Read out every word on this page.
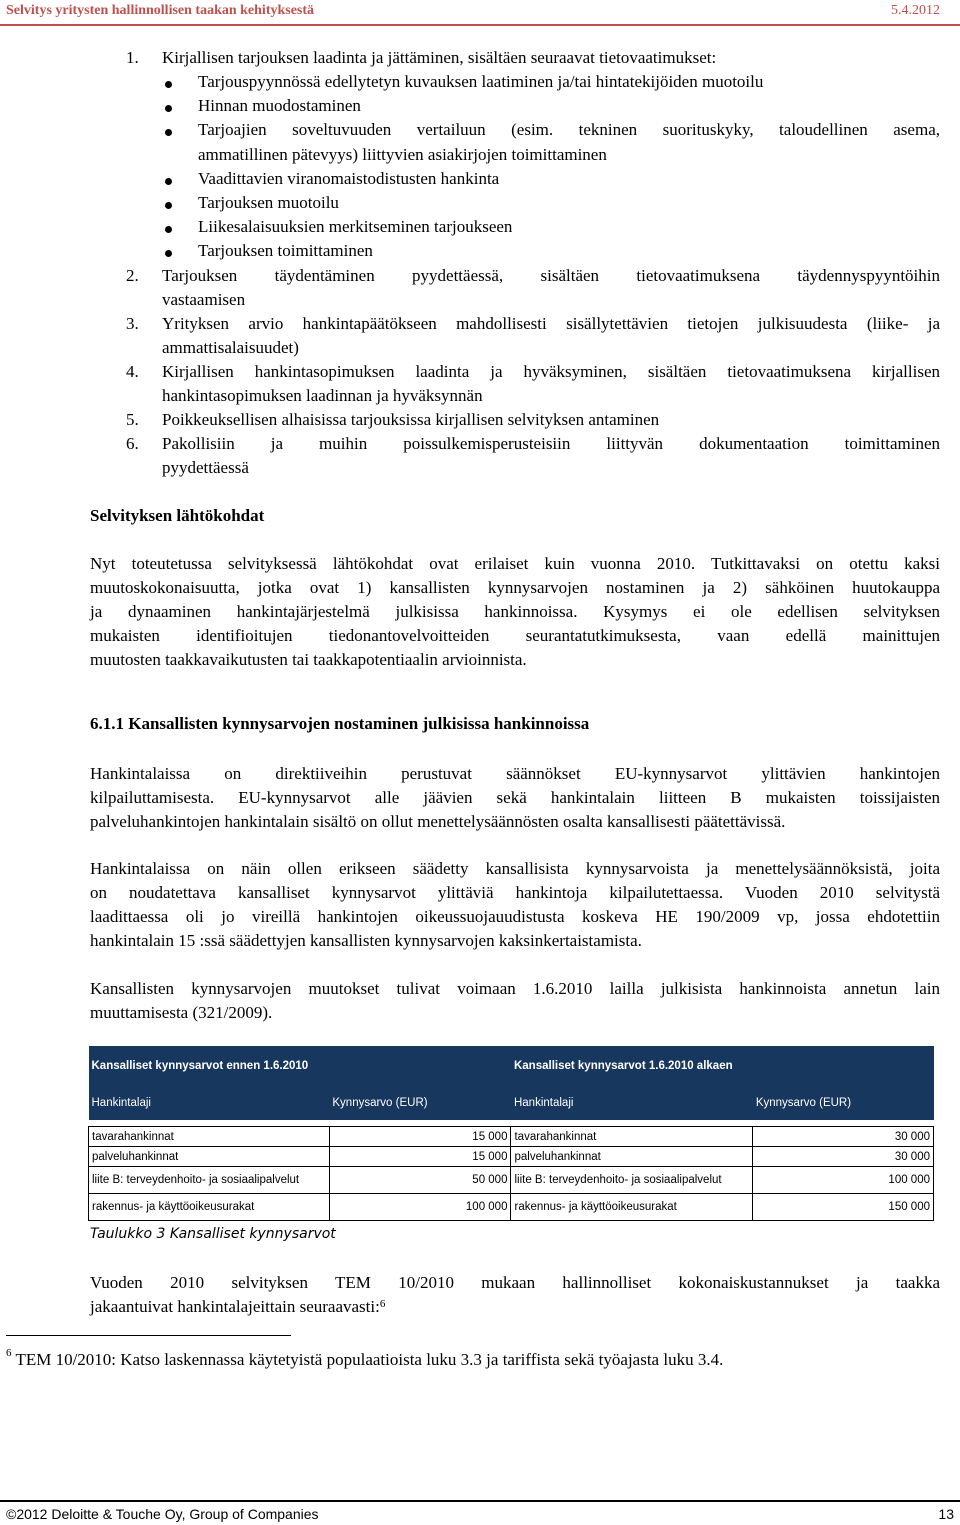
Selvitys yritysten hallinnollisen taakan kehityksestä	5.4.2012
1. Kirjallisen tarjouksen laadinta ja jättäminen, sisältäen seuraavat tietovaatimukset:
Tarjouspyynnössä edellytetyn kuvauksen laatiminen ja/tai hintatekijöiden muotoilu
Hinnan muodostaminen
Tarjoajien soveltuvuuden vertailuun (esim. tekninen suorituskyky, taloudellinen asema,
ammatillinen pätevyys) liittyvien asiakirjojen toimittaminen
Vaadittavien viranomaistodistusten hankinta
Tarjouksen muotoilu
Liikesalaisuuksien merkitseminen tarjoukseen
Tarjouksen toimittaminen
2. Tarjouksen täydentäminen pyydettäessä, sisältäen tietovaatimuksena täydennyspyyntöihin
vastaamisen
3. Yrityksen arvio hankintapäätökseen mahdollisesti sisällytettävien tietojen julkisuudesta (liike- ja
ammattisalaisuudet)
4. Kirjallisen hankintasopimuksen laadinta ja hyväksyminen, sisältäen tietovaatimuksena kirjallisen
hankintasopimuksen laadinnan ja hyväksynnän
5. Poikkeuksellisen alhaisissa tarjouksissa kirjallisen selvityksen antaminen
6. Pakollisiin ja muihin poissulkemisperusteisiin liittyvän dokumentaation toimittaminen
pyydettäessä
Selvityksen lähtökohdat
Nyt toteutetussa selvityksessä lähtökohdat ovat erilaiset kuin vuonna 2010. Tutkittavaksi on otettu kaksi
muutoskokonaisuutta, jotka ovat 1) kansallisten kynnysarvojen nostaminen ja 2) sähköinen huutokauppa
ja dynaaminen hankintajärjestelmä julkisissa hankinnoissa. Kysymys ei ole edellisen selvityksen
mukaisten identifioitujen tiedonantovelvoitteiden seurantatutkimuksesta, vaan edellä mainittujen
muutosten taakkavaikutusten tai taakkapotentiaalin arvioinnista.
6.1.1 Kansallisten kynnysarvojen nostaminen julkisissa hankinnoissa
Hankintalaissa on direktiiveihin perustuvat säännökset EU-kynnysarvot ylittävien hankintojen
kilpailuttamisesta. EU-kynnysarvot alle jäävien sekä hankintalain liitteen B mukaisten toissijaisten
palveluhankintojen hankintalain sisältö on ollut menettelysäännösten osalta kansallisesti päätettävissä.
Hankintalaissa on näin ollen erikseen säädetty kansallisista kynnysarvoista ja menettelysäännöksistä, joita
on noudatettava kansalliset kynnysarvot ylittäviä hankintoja kilpailutettaessa. Vuoden 2010 selvitystä
laadittaessa oli jo vireillä hankintojen oikeussuojauudistusta koskeva HE 190/2009 vp, jossa ehdotettiin
hankintalain 15 :ssä säädettyjen kansallisten kynnysarvojen kaksinkertaistamista.
Kansallisten kynnysarvojen muutokset tulivat voimaan 1.6.2010 lailla julkisista hankinnoista annetun lain
muuttamisesta (321/2009).
Kansalliset kynnysarvot ennen 1.6.2010		Kansalliset kynnysarvot 1.6.2010 alkaen	
Hankintalaji	Kynnysarvo (EUR)	Hankintalaji	Kynnysarvo (EUR)

tavarahankinnat	15 000	tavarahankinnat	30 000
palveluhankinnat	15 000	palveluhankinnat	30 000
liite B: terveydenhoito- ja sosiaalipalvelut	50 000	liite B: terveydenhoito- ja sosiaalipalvelut	100 000
rakennus- ja käyttöoikeusurakat	100 000	rakennus- ja käyttöoikeusurakat	150 000
Taulukko 3 Kansalliset kynnysarvot
Vuoden 2010 selvityksen TEM 10/2010 mukaan hallinnolliset kokonaiskustannukset ja taakka
jakaantuivat hankintalajeittain seuraavasti:$^6$
$^6$ TEM 10/2010: Katso laskennassa käytetyistä populaatioista luku 3.3 ja tariffista sekä työajasta luku 3.4.
©2012 Deloitte & Touche Oy, Group of Companies	13
